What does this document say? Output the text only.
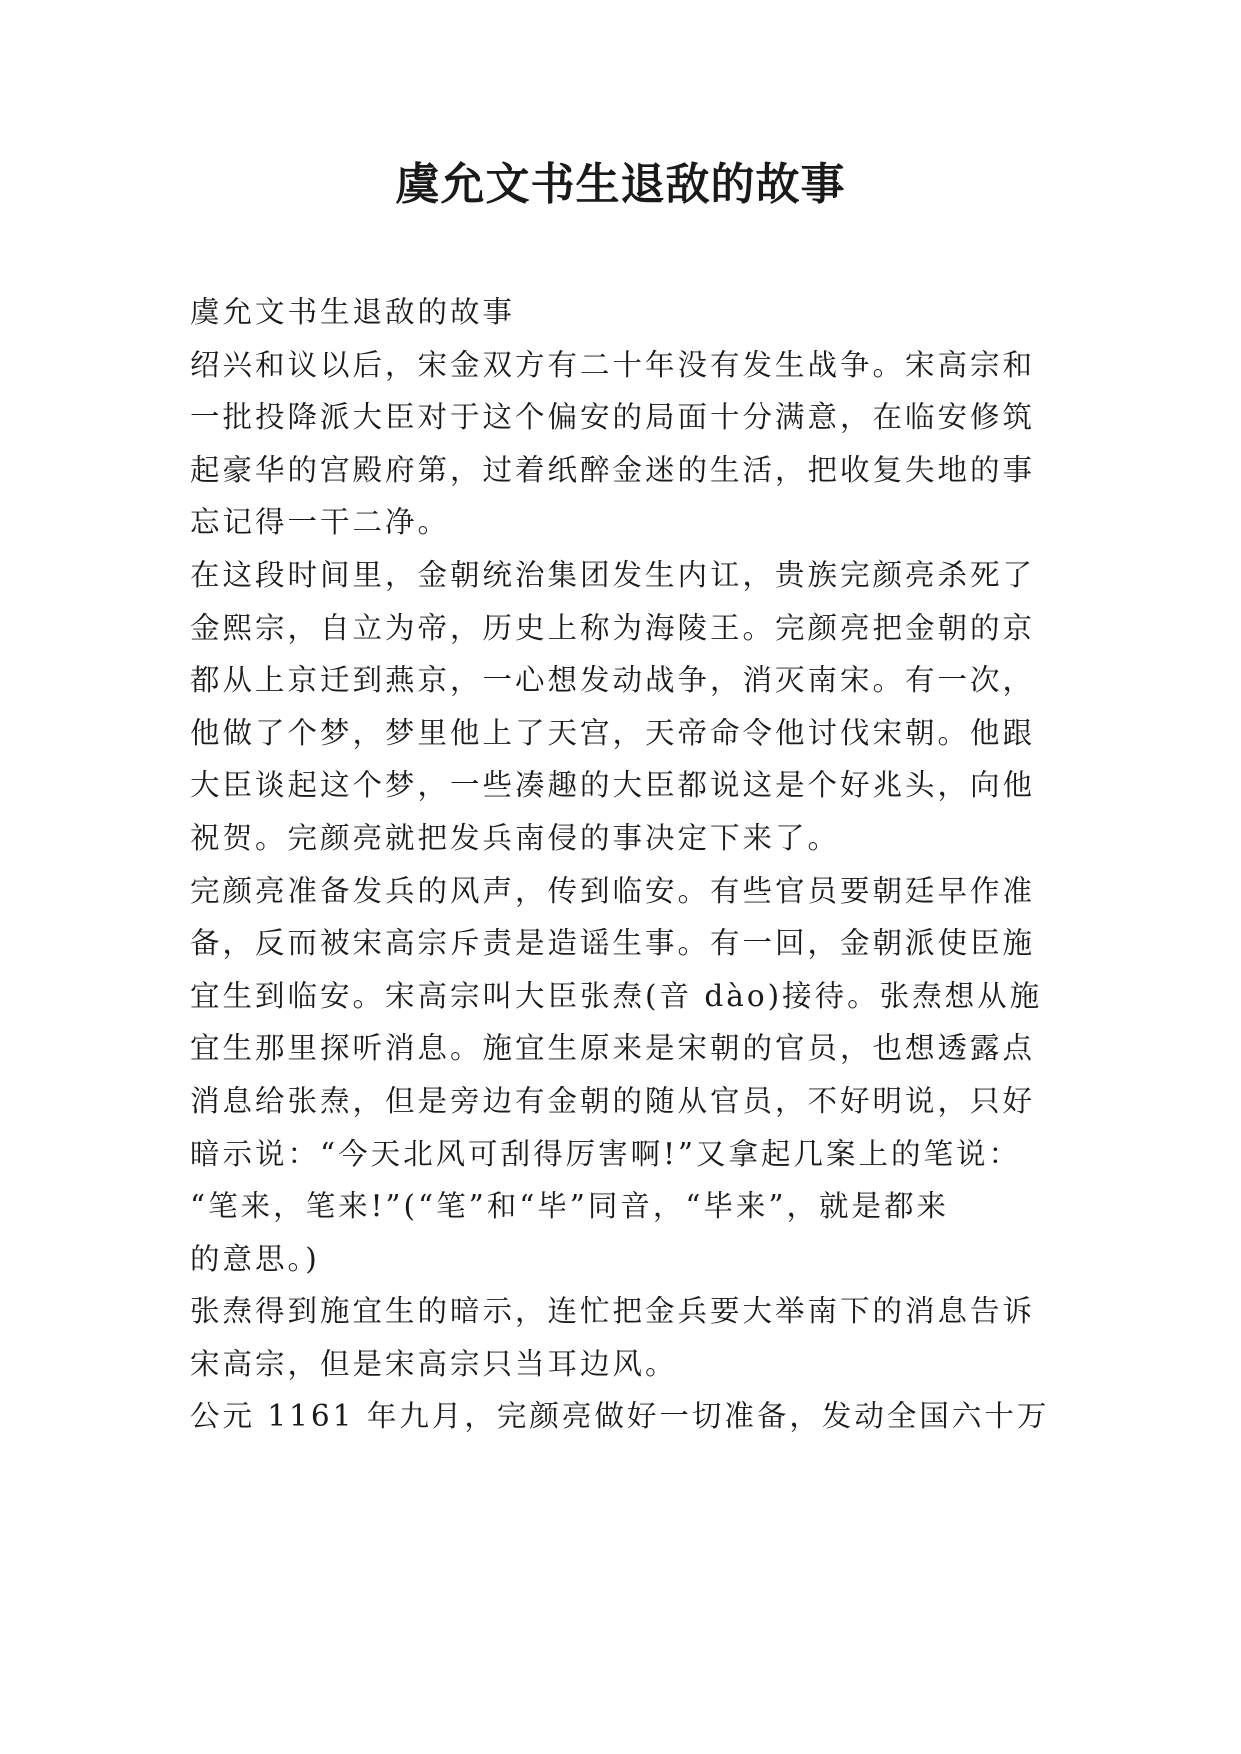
虞允文书生退敌的故事
虞允文书生退敌的故事
绍兴和议以后，宋金双方有二十年没有发生战争。宋高宗和
一批投降派大臣对于这个偏安的局面十分满意，在临安修筑
起豪华的宫殿府第，过着纸醉金迷的生活，把收复失地的事
忘记得一干二净。
在这段时间里，金朝统治集团发生内讧，贵族完颜亮杀死了
金熙宗，自立为帝，历史上称为海陵王。完颜亮把金朝的京
都从上京迁到燕京，一心想发动战争，消灭南宋。有一次，
他做了个梦，梦里他上了天宫，天帝命令他讨伐宋朝。他跟
大臣谈起这个梦，一些凑趣的大臣都说这是个好兆头，向他
祝贺。完颜亮就把发兵南侵的事决定下来了。
完颜亮准备发兵的风声，传到临安。有些官员要朝廷早作准
备，反而被宋高宗斥责是造谣生事。有一回，金朝派使臣施
宜生到临安。宋高宗叫大臣张焘(音 dào)接待。张焘想从施
宜生那里探听消息。施宜生原来是宋朝的官员，也想透露点
消息给张焘，但是旁边有金朝的随从官员，不好明说，只好
暗示说：“今天北风可刮得厉害啊!”又拿起几案上的笔说：
“笔来，笔来!”(“笔”和“毕”同音，“毕来”，就是都来
的意思。)
张焘得到施宜生的暗示，连忙把金兵要大举南下的消息告诉
宋高宗，但是宋高宗只当耳边风。
公元 1161 年九月，完颜亮做好一切准备，发动全国六十万
